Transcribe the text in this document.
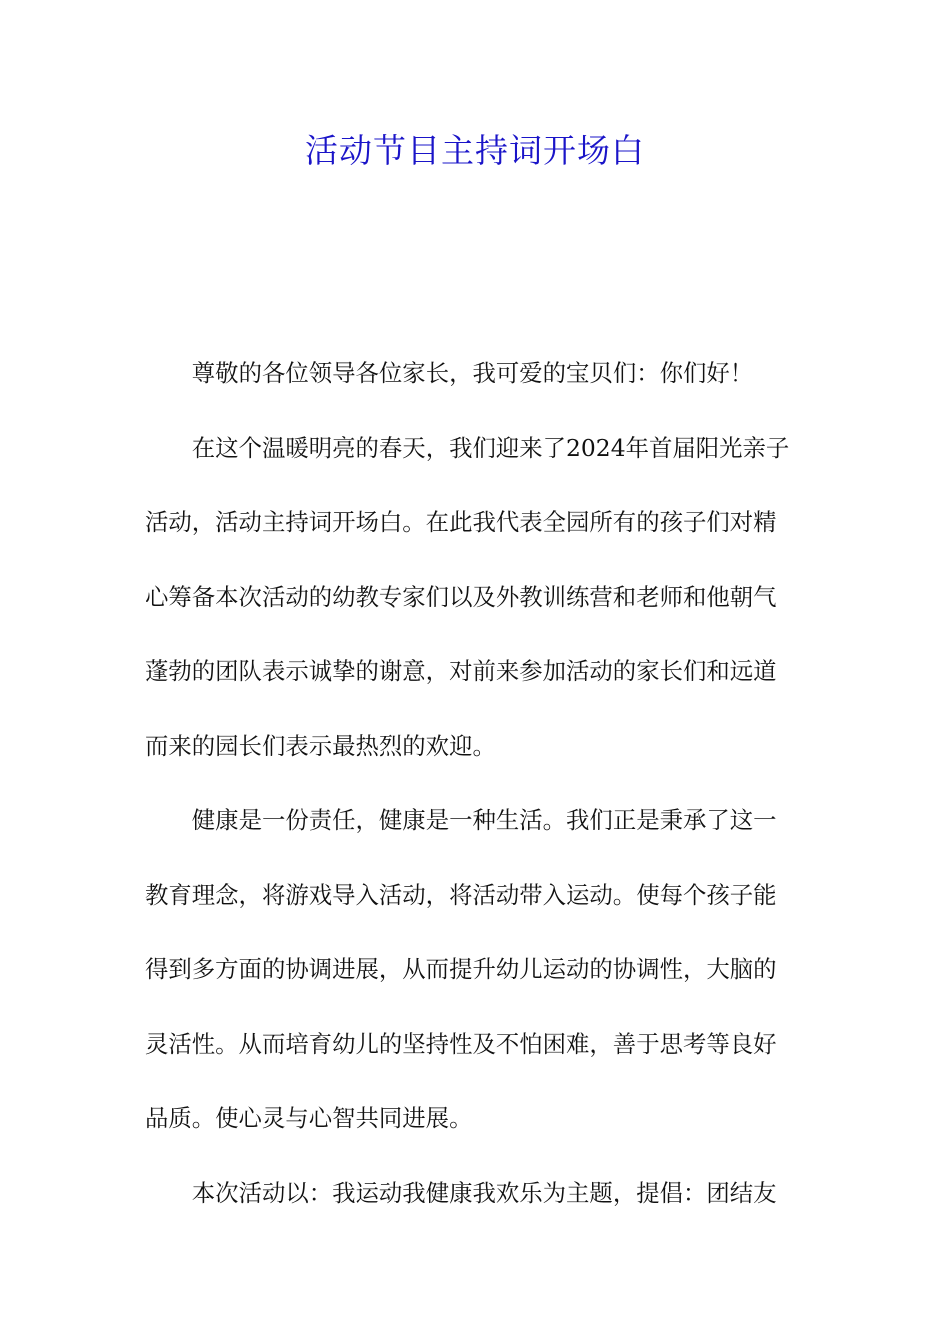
活动节目主持词开场白

尊敬的各位领导各位家长，我可爱的宝贝们：你们好！

在这个温暖明亮的春天，我们迎来了2024年首届阳光亲子
活动，活动主持词开场白。在此我代表全园所有的孩子们对精
心筹备本次活动的幼教专家们以及外教训练营和老师和他朝气
蓬勃的团队表示诚挚的谢意，对前来参加活动的家长们和远道
而来的园长们表示最热烈的欢迎。

健康是一份责任，健康是一种生活。我们正是秉承了这一
教育理念，将游戏导入活动，将活动带入运动。使每个孩子能
得到多方面的协调进展，从而提升幼儿运动的协调性，大脑的
灵活性。从而培育幼儿的坚持性及不怕困难，善于思考等良好
品质。使心灵与心智共同进展。

本次活动以：我运动我健康我欢乐为主题，提倡：团结友
